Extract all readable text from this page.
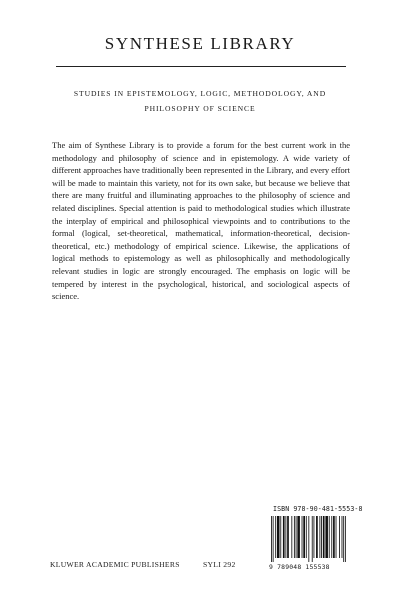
SYNTHESE LIBRARY
STUDIES IN EPISTEMOLOGY, LOGIC, METHODOLOGY, AND
PHILOSOPHY OF SCIENCE

The aim of Synthese Library is to provide a forum for the best current work in the methodology and philosophy of science and in epistemology. A wide variety of different approaches have traditionally been represented in the Library, and every effort will be made to maintain this variety, not for its own sake, but because we believe that there are many fruitful and illuminating approaches to the philosophy of science and related disciplines. Special attention is paid to methodological studies which illustrate the interplay of empirical and philosophical viewpoints and to contributions to the formal (logical, set-theoretical, mathematical, information-theoretical, decision-theoretical, etc.) methodology of empirical science. Likewise, the applications of logical methods to epistemology as well as philosophically and methodologically relevant studies in logic are strongly encouraged. The emphasis on logic will be tempered by interest in the psychological, historical, and sociological aspects of science.

ISBN 978-90-481-5553-8
9 789048 155538
KLUWER ACADEMIC PUBLISHERS	SYLI 292
